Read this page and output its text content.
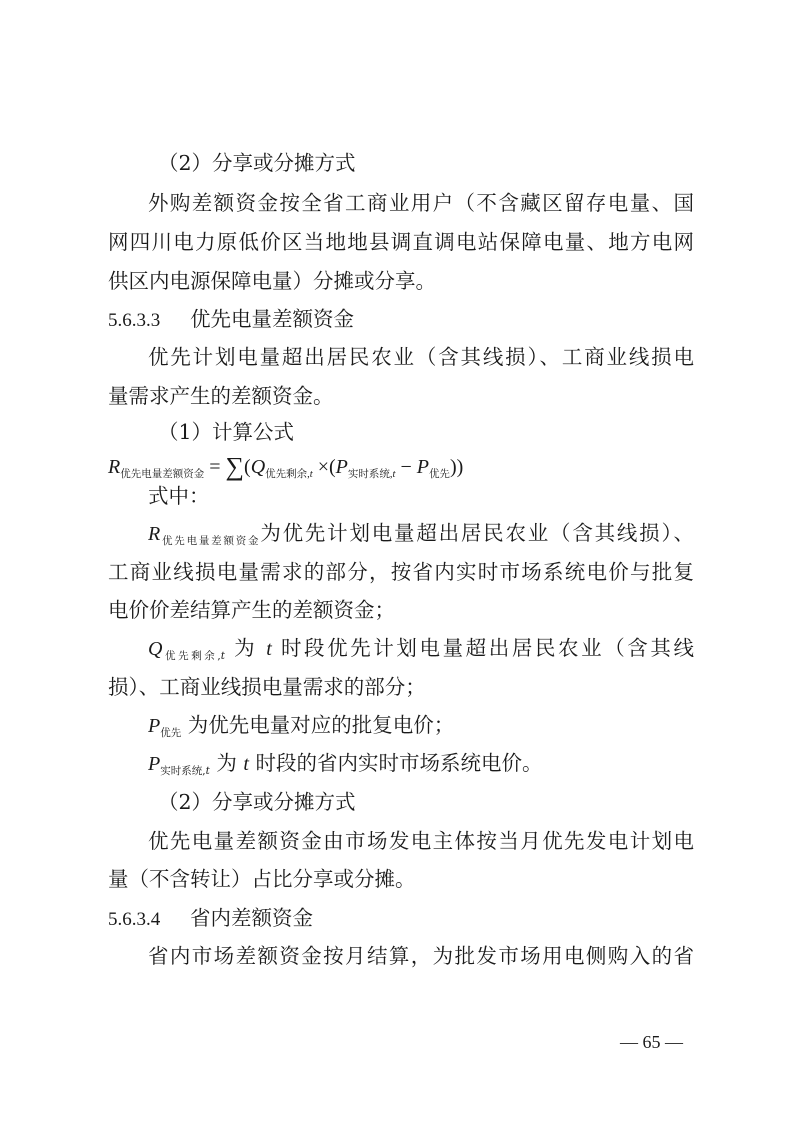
（2）分享或分摊方式
外购差额资金按全省工商业用户（不含藏区留存电量、国
网四川电力原低价区当地地县调直调电站保障电量、地方电网
供区内电源保障电量）分摊或分享。
5.6.3.3 优先电量差额资金
优先计划电量超出居民农业（含其线损）、工商业线损电
量需求产生的差额资金。
（1）计算公式
$R_{优先电量差额资金} = \sum(Q_{优先剩余,t} \times(P_{实时系统,t} - P_{优先}))$
式中：
$R_{优先电量差额资金}$为优先计划电量超出居民农业（含其线损）、
工商业线损电量需求的部分，按省内实时市场系统电价与批复
电价价差结算产生的差额资金；
$Q_{优先剩余,t}$ 为 t 时段优先计划电量超出居民农业（含其线
损）、工商业线损电量需求的部分；
$P_{优先}$ 为优先电量对应的批复电价；
$P_{实时系统,t}$ 为 t 时段的省内实时市场系统电价。
（2）分享或分摊方式
优先电量差额资金由市场发电主体按当月优先发电计划电
量（不含转让）占比分享或分摊。
5.6.3.4 省内差额资金
省内市场差额资金按月结算，为批发市场用电侧购入的省
— 65 —
